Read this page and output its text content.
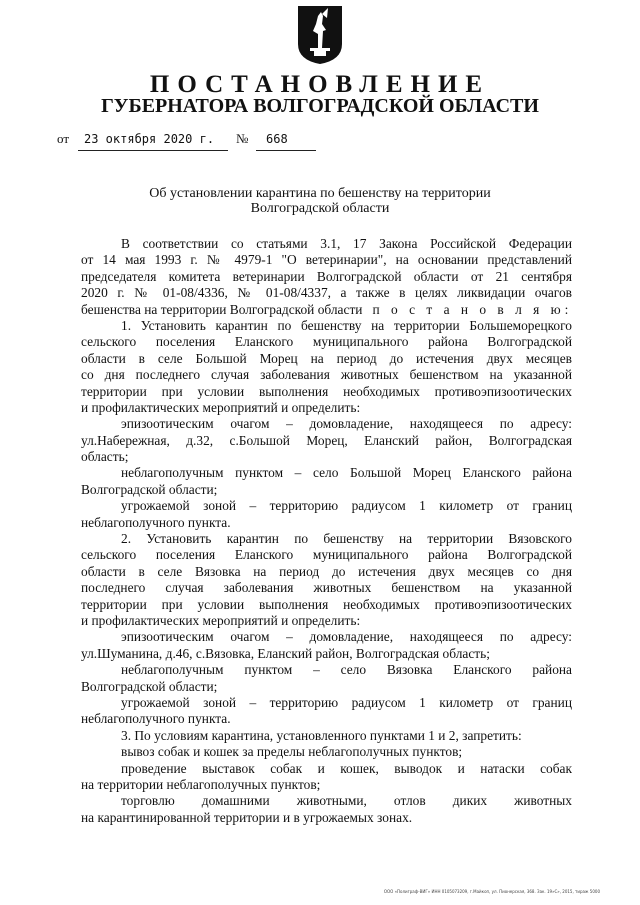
ПОСТАНОВЛЕНИЕ
ГУБЕРНАТОРА ВОЛГОГРАДСКОЙ ОБЛАСТИ
от 23 октября 2020 г. № 668
Об установлении карантина по бешенству на территории
Волгоградской области
В соответствии со статьями 3.1, 17 Закона Российской Федерации
от 14 мая 1993 г. № 4979-1 "О ветеринарии", на основании представлений
председателя комитета ветеринарии Волгоградской области от 21 сентября
2020 г. № 01-08/4336, № 01-08/4337, а также в целях ликвидации очагов
бешенства на территории Волгоградской области п о с т а н о в л я ю:
1. Установить карантин по бешенству на территории Большеморецкого
сельского поселения Еланского муниципального района Волгоградской
области в селе Большой Морец на период до истечения двух месяцев
со дня последнего случая заболевания животных бешенством на указанной
территории при условии выполнения необходимых противоэпизоотических
и профилактических мероприятий и определить:
эпизоотическим очагом – домовладение, находящееся по адресу:
ул.Набережная, д.32, с.Большой Морец, Еланский район, Волгоградская
область;
неблагополучным пунктом – село Большой Морец Еланского района
Волгоградской области;
угрожаемой зоной – территорию радиусом 1 километр от границ
неблагополучного пункта.
2. Установить карантин по бешенству на территории Вязовского
сельского поселения Еланского муниципального района Волгоградской
области в селе Вязовка на период до истечения двух месяцев со дня
последнего случая заболевания животных бешенством на указанной
территории при условии выполнения необходимых противоэпизоотических
и профилактических мероприятий и определить:
эпизоотическим очагом – домовладение, находящееся по адресу:
ул.Шуманина, д.46, с.Вязовка, Еланский район, Волгоградская область;
неблагополучным пунктом – село Вязовка Еланского района
Волгоградской области;
угрожаемой зоной – территорию радиусом 1 километр от границ
неблагополучного пункта.
3. По условиям карантина, установленного пунктами 1 и 2, запретить:
вывоз собак и кошек за пределы неблагополучных пунктов;
проведение выставок собак и кошек, выводок и натаски собак
на территории неблагополучных пунктов;
торговлю домашними животными, отлов диких животных
на карантинированной территории и в угрожаемых зонах.
ООО «Полиграф-ВИГ» ИНН 0105073209, г.Майкоп, ул. Пионерская, 368. Зак. 19»С», 2015, тираж 5000
